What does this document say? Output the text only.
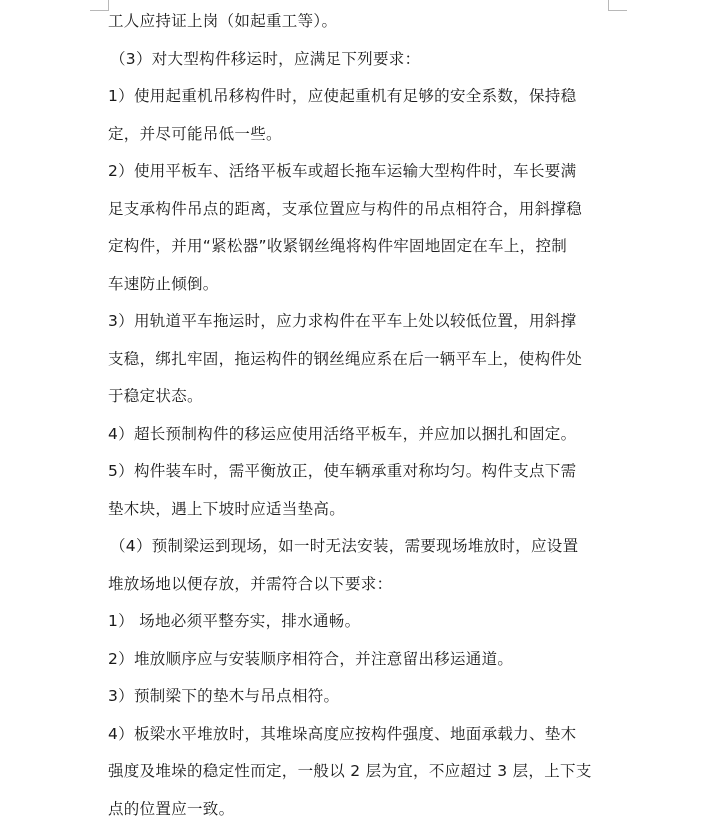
工人应持证上岗（如起重工等）。
（3）对大型构件移运时，应满足下列要求：
1）使用起重机吊移构件时，应使起重机有足够的安全系数，保持稳
定，并尽可能吊低一些。
2）使用平板车、活络平板车或超长拖车运输大型构件时，车长要满
足支承构件吊点的距离，支承位置应与构件的吊点相符合，用斜撑稳
定构件，并用“紧松器”收紧钢丝绳将构件牢固地固定在车上，控制
车速防止倾倒。
3）用轨道平车拖运时，应力求构件在平车上处以较低位置，用斜撑
支稳，绑扎牢固，拖运构件的钢丝绳应系在后一辆平车上，使构件处
于稳定状态。
4）超长预制构件的移运应使用活络平板车，并应加以捆扎和固定。
5）构件装车时，需平衡放正，使车辆承重对称均匀。构件支点下需
垫木块，遇上下坡时应适当垫高。
（4）预制梁运到现场，如一时无法安装，需要现场堆放时，应设置
堆放场地以便存放，并需符合以下要求：
1） 场地必须平整夯实，排水通畅。
2）堆放顺序应与安装顺序相符合，并注意留出移运通道。
3）预制梁下的垫木与吊点相符。
4）板梁水平堆放时，其堆垛高度应按构件强度、地面承载力、垫木
强度及堆垛的稳定性而定，一般以 2 层为宜，不应超过 3 层，上下支
点的位置应一致。
